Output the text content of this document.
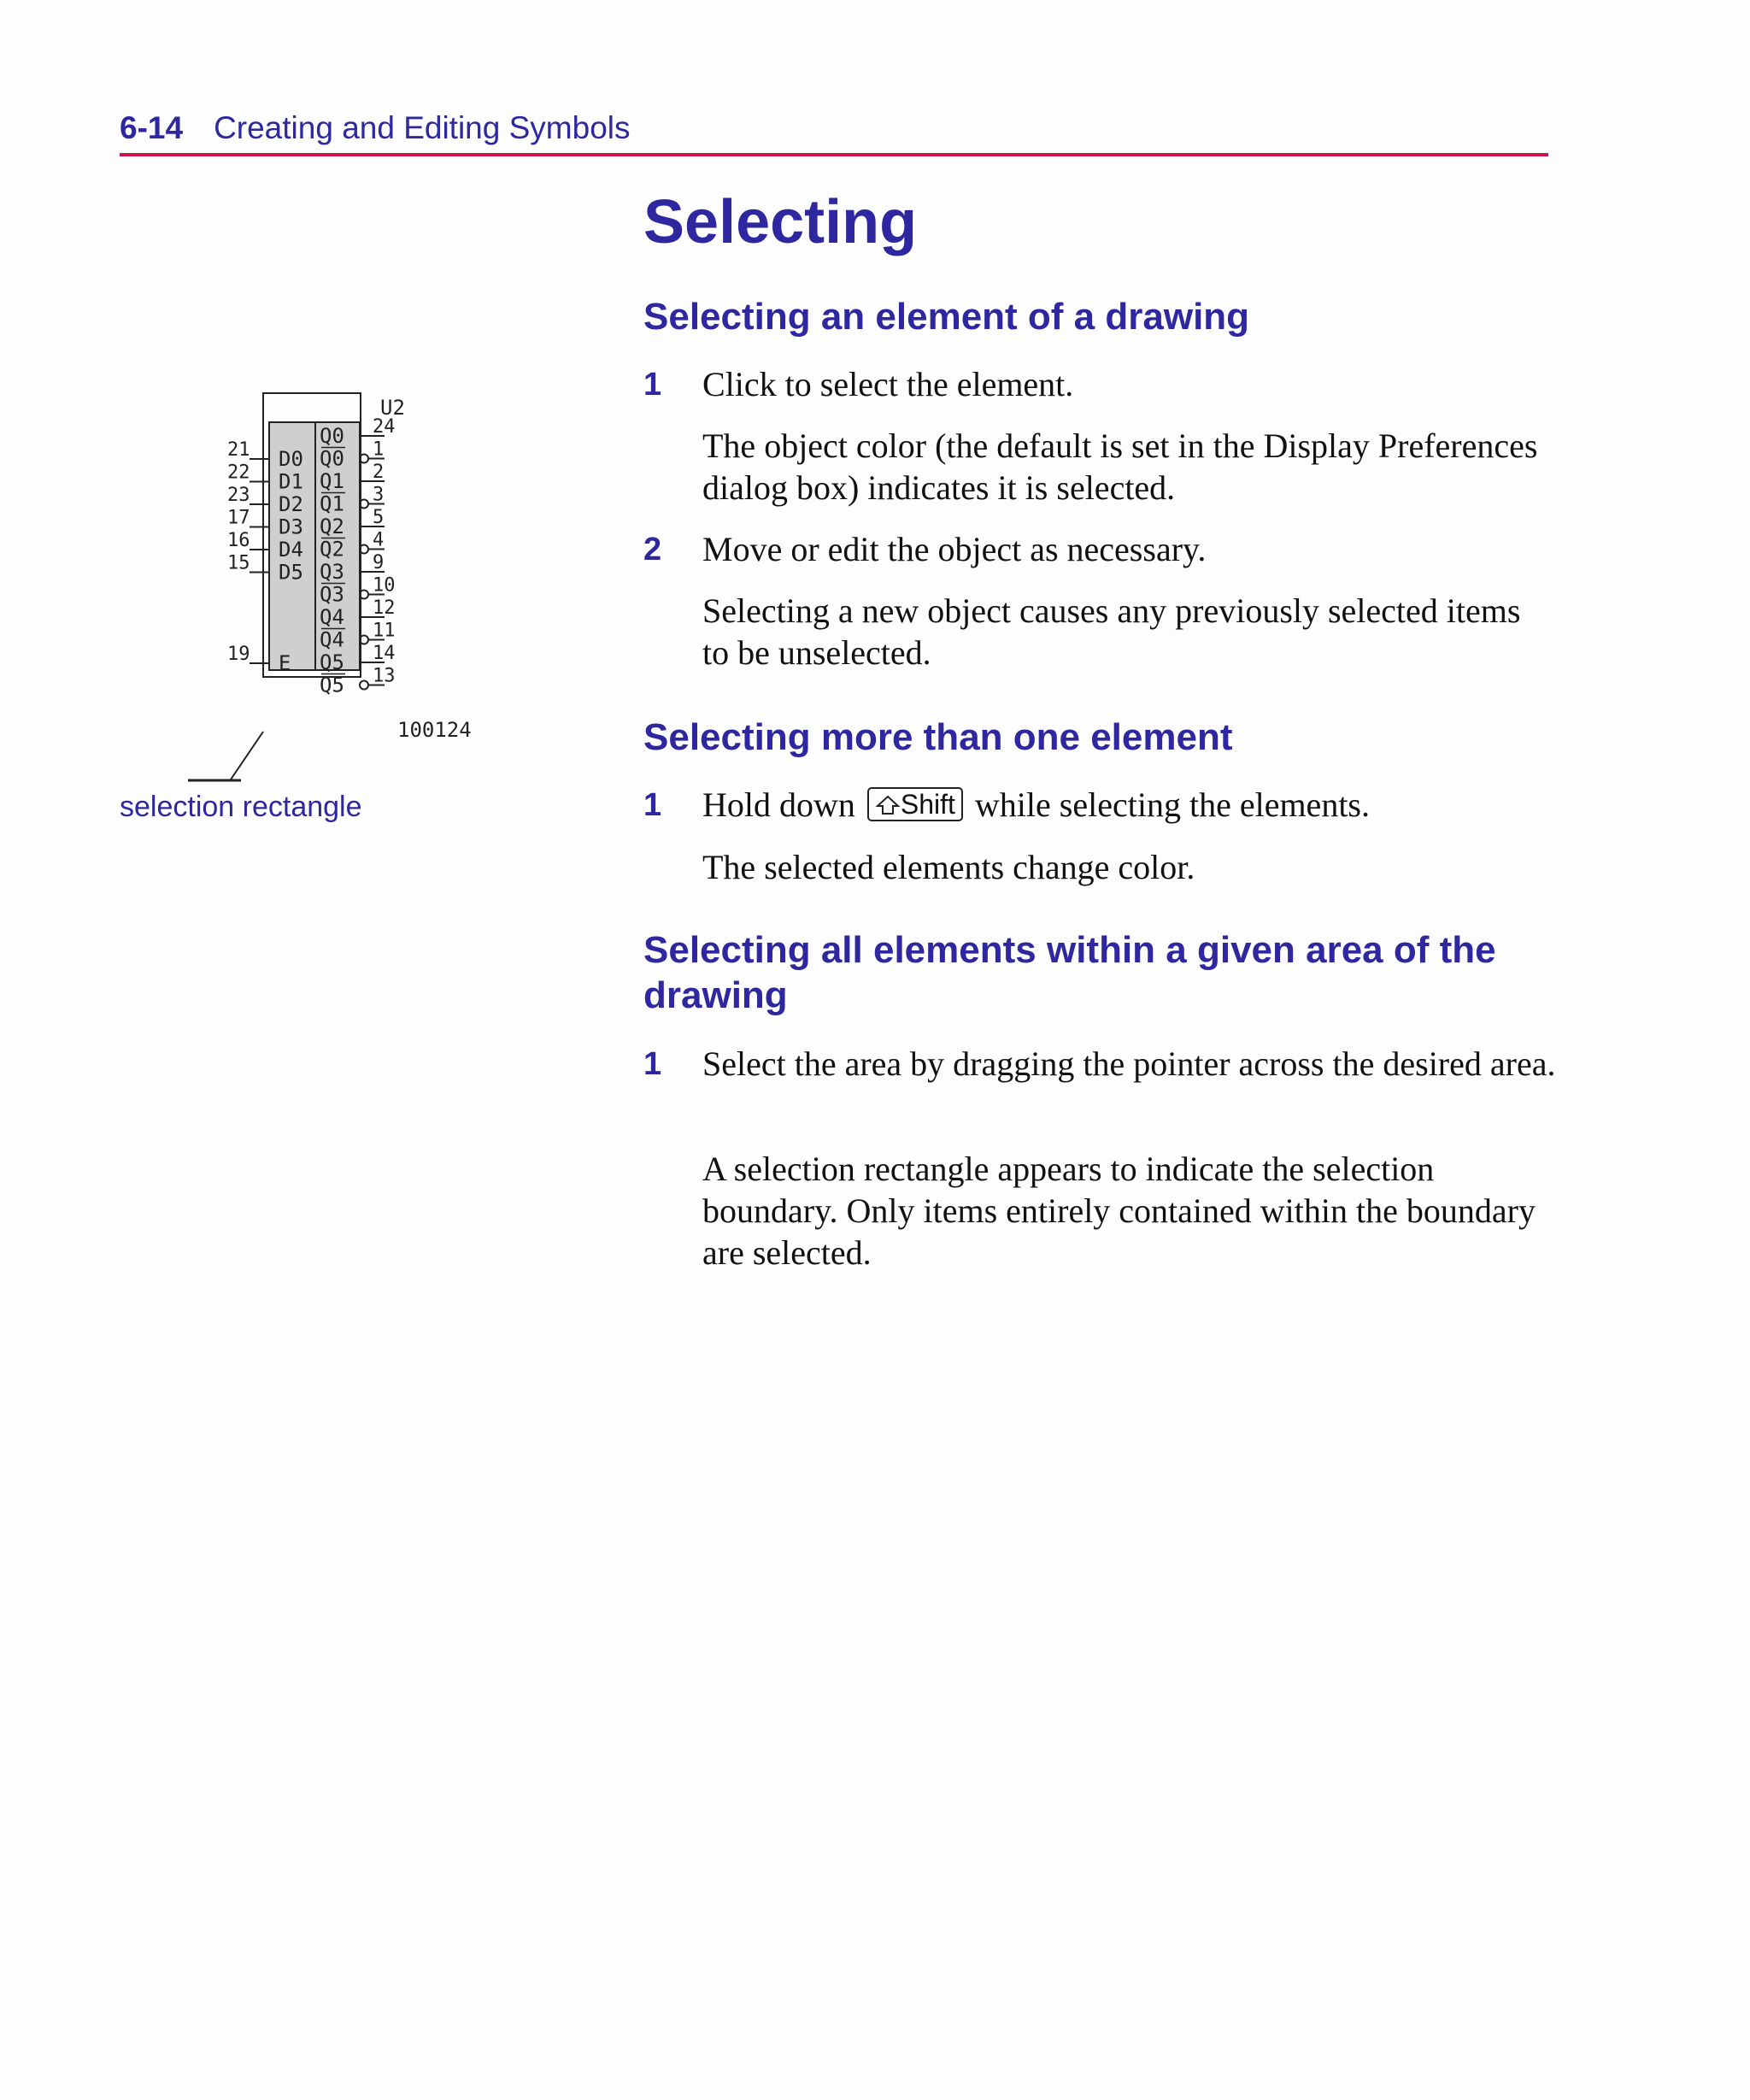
6-14 Creating and Editing Symbols
D0
21
D1
22
D2
23
D3
17
D4
16
D5
15
E
19
Q0 24
Q0 1
Q1 2
Q1 3
Q2 5
Q2 4
Q3 9
Q3 10
Q4 12
Q4 11
Q5 14
Q5 13
U2
100124
selection rectangle
Selecting
Selecting an element of a drawing
1 Click to select the element.
The object color (the default is set in the Display Preferences dialog box) indicates it is selected.
2 Move or edit the object as necessary.
Selecting a new object causes any previously selected items to be unselected.
Selecting more than one element
1 Hold down Shift while selecting the elements.
The selected elements change color.
Selecting all elements within a given area of the drawing
1 Select the area by dragging the pointer across the desired area.
A selection rectangle appears to indicate the selection boundary. Only items entirely contained within the boundary are selected.
